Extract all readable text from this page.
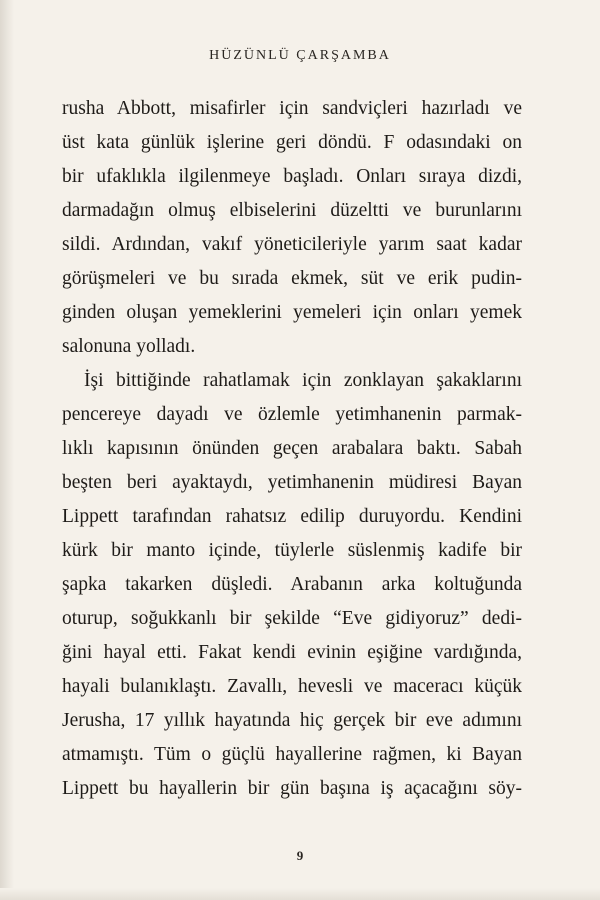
HÜZÜNLÜ ÇARŞAMBA
rusha Abbott, misafirler için sandviçleri hazırladı ve
üst kata günlük işlerine geri döndü. F odasındaki on
bir ufaklıkla ilgilenmeye başladı. Onları sıraya dizdi,
darmadağın olmuş elbiselerini düzeltti ve burunlarını
sildi. Ardından, vakıf yöneticileriyle yarım saat kadar
görüşmeleri ve bu sırada ekmek, süt ve erik pudin-
ginden oluşan yemeklerini yemeleri için onları yemek
salonuna yolladı.
İşi bittiğinde rahatlamak için zonklayan şakaklarını
pencereye dayadı ve özlemle yetimhanenin parmak-
lıklı kapısının önünden geçen arabalara baktı. Sabah
beşten beri ayaktaydı, yetimhanenin müdiresi Bayan
Lippett tarafından rahatsız edilip duruyordu. Kendini
kürk bir manto içinde, tüylerle süslenmiş kadife bir
şapka takarken düşledi. Arabanın arka koltuğunda
oturup, soğukkanlı bir şekilde “Eve gidiyoruz” dedi-
ğini hayal etti. Fakat kendi evinin eşiğine vardığında,
hayali bulanıklaştı. Zavallı, hevesli ve maceracı küçük
Jerusha, 17 yıllık hayatında hiç gerçek bir eve adımını
atmamıştı. Tüm o güçlü hayallerine rağmen, ki Bayan
Lippett bu hayallerin bir gün başına iş açacağını söy-
9
